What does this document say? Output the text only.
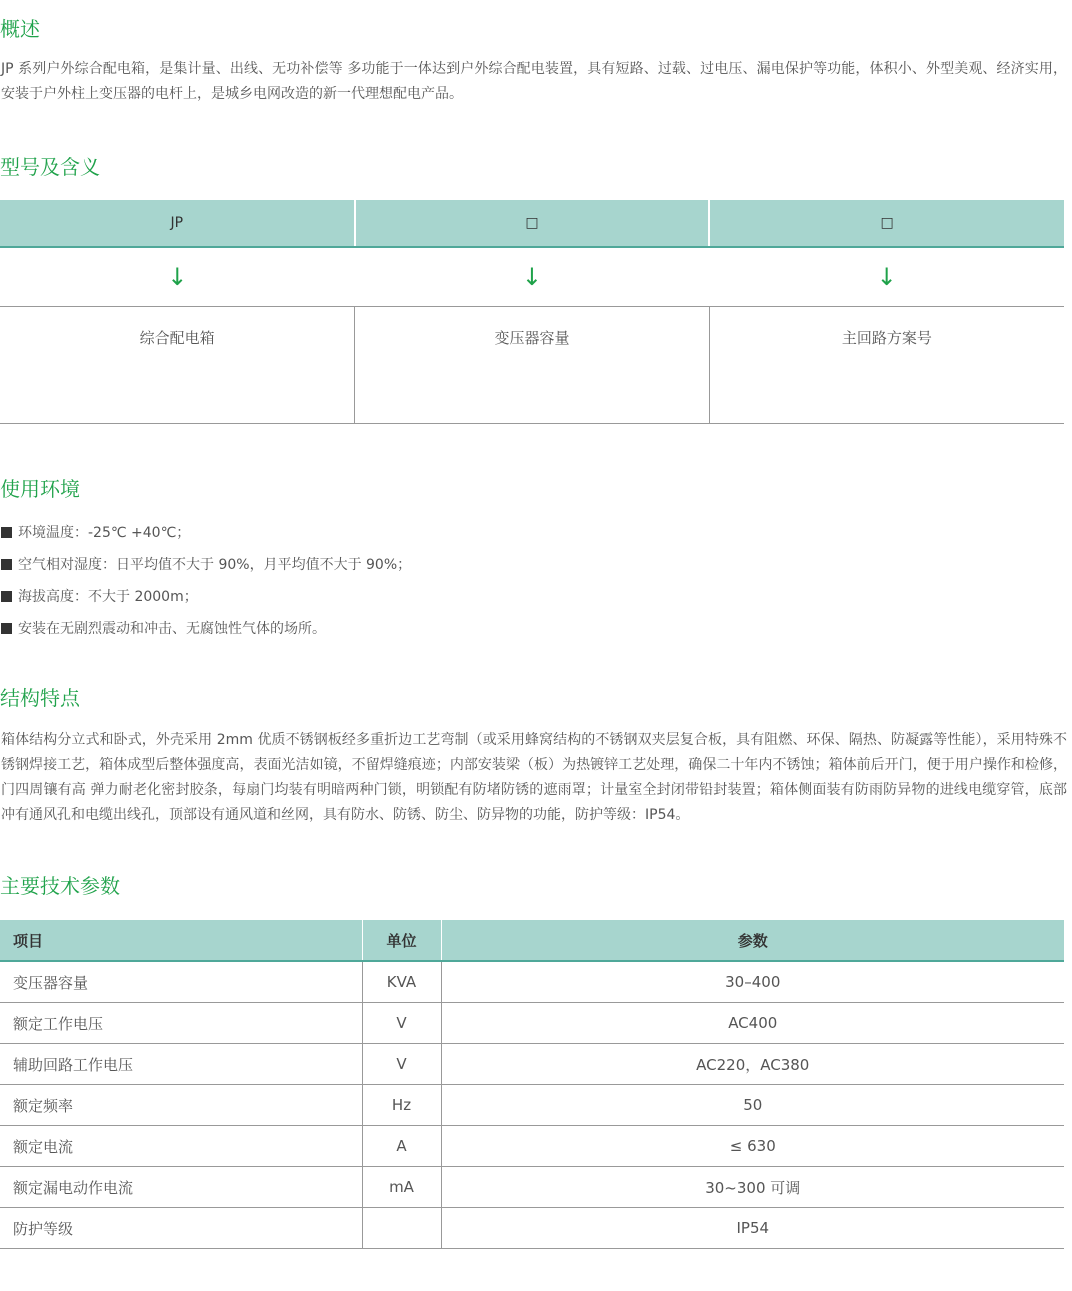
概述

JP 系列户外综合配电箱，是集计量、出线、无功补偿等 多功能于一体达到户外综合配电装置，具有短路、过载、过电压、漏电保护等功能，体积小、外型美观、经济实用，安装于户外柱上变压器的电杆上，是城乡电网改造的新一代理想配电产品。

型号及含义
JP	□	□
↓	↓	↓
综合配电箱	变压器容量	主回路方案号
使用环境
环境温度：-25℃ +40℃；
空气相对湿度：日平均值不大于 90%，月平均值不大于 90%；
海拔高度：不大于 2000m；
安装在无剧烈震动和冲击、无腐蚀性气体的场所。
结构特点

箱体结构分立式和卧式，外壳采用 2mm 优质不锈钢板经多重折边工艺弯制（或采用蜂窝结构的不锈钢双夹层复合板，具有阻燃、环保、隔热、防凝露等性能），采用特殊不锈钢焊接工艺，箱体成型后整体强度高，表面光洁如镜，不留焊缝痕迹；内部安装梁（板）为热镀锌工艺处理，确保二十年内不锈蚀；箱体前后开门，便于用户操作和检修，门四周镶有高 弹力耐老化密封胶条，每扇门均装有明暗两种门锁，明锁配有防堵防锈的遮雨罩；计量室全封闭带铅封装置；箱体侧面装有防雨防异物的进线电缆穿管，底部冲有通风孔和电缆出线孔，顶部设有通风道和丝网，具有防水、防锈、防尘、防异物的功能，防护等级：IP54。

主要技术参数
项目	单位	参数
变压器容量	KVA	30–400
额定工作电压	V	AC400
辅助回路工作电压	V	AC220，AC380
额定频率	Hz	50
额定电流	A	≤ 630
额定漏电动作电流	mA	30~300 可调
防护等级		IP54
